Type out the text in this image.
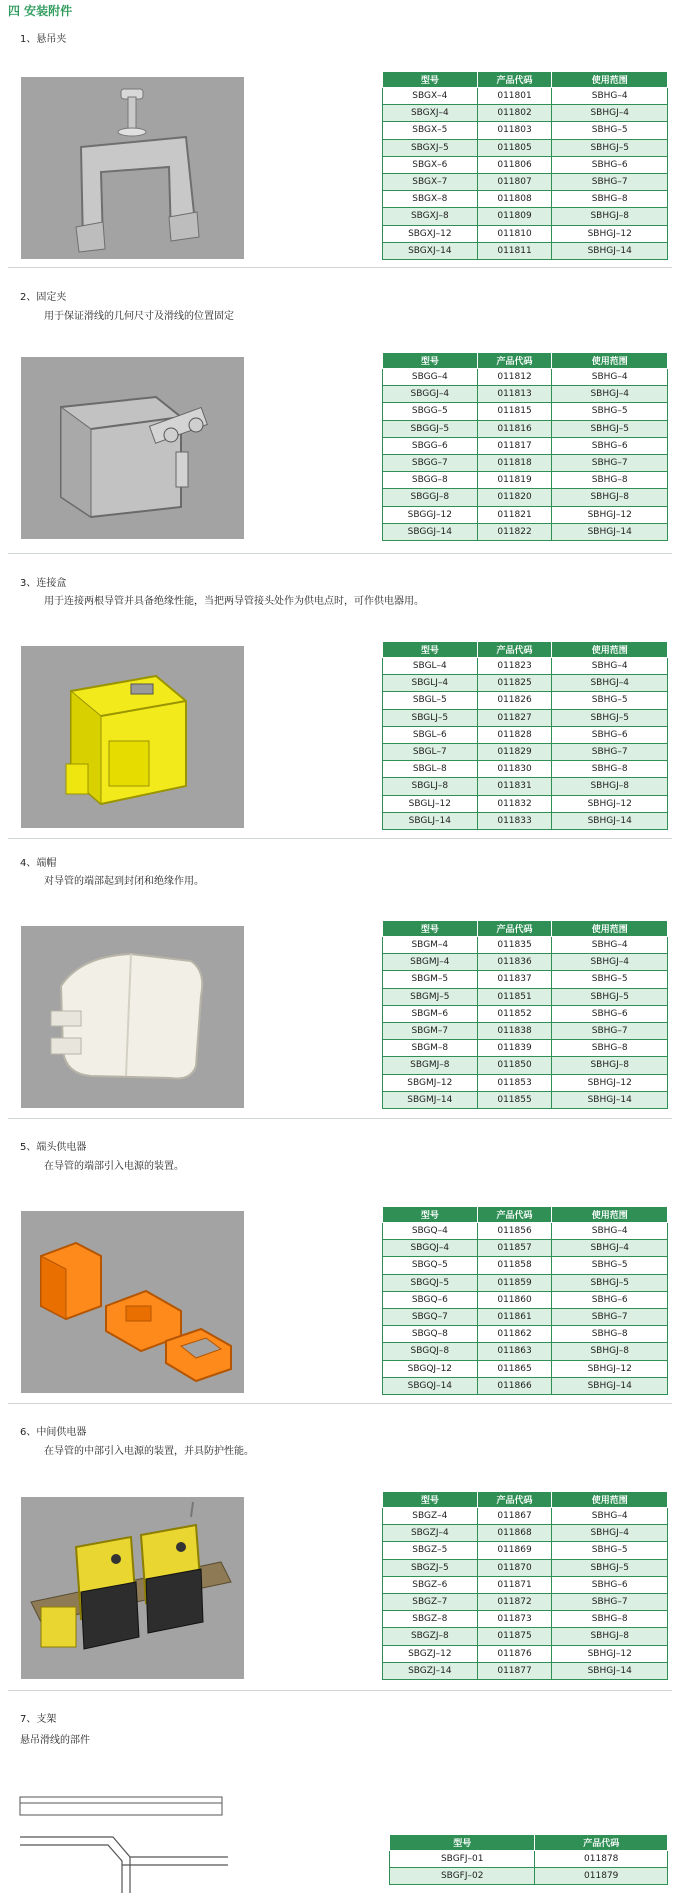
四 安装附件
1、悬吊夹
型号	产品代码	使用范围
SBGX–4	011801	SBHG–4
SBGXJ–4	011802	SBHGJ–4
SBGX–5	011803	SBHG–5
SBGXJ–5	011805	SBHGJ–5
SBGX–6	011806	SBHG–6
SBGX–7	011807	SBHG–7
SBGX–8	011808	SBHG–8
SBGXJ–8	011809	SBHGJ–8
SBGXJ–12	011810	SBHGJ–12
SBGXJ–14	011811	SBHGJ–14
2、固定夹
用于保证滑线的几何尺寸及滑线的位置固定
型号	产品代码	使用范围
SBGG–4	011812	SBHG–4
SBGGJ–4	011813	SBHGJ–4
SBGG–5	011815	SBHG–5
SBGGJ–5	011816	SBHGJ–5
SBGG–6	011817	SBHG–6
SBGG–7	011818	SBHG–7
SBGG–8	011819	SBHG–8
SBGGJ–8	011820	SBHGJ–8
SBGGJ–12	011821	SBHGJ–12
SBGGJ–14	011822	SBHGJ–14
3、连接盒
用于连接两根导管并具备绝缘性能，当把两导管接头处作为供电点时，可作供电器用。
型号	产品代码	使用范围
SBGL–4	011823	SBHG–4
SBGLJ–4	011825	SBHGJ–4
SBGL–5	011826	SBHG–5
SBGLJ–5	011827	SBHGJ–5
SBGL–6	011828	SBHG–6
SBGL–7	011829	SBHG–7
SBGL–8	011830	SBHG–8
SBGLJ–8	011831	SBHGJ–8
SBGLJ–12	011832	SBHGJ–12
SBGLJ–14	011833	SBHGJ–14
4、端帽
对导管的端部起到封闭和绝缘作用。
型号	产品代码	使用范围
SBGM–4	011835	SBHG–4
SBGMJ–4	011836	SBHGJ–4
SBGM–5	011837	SBHG–5
SBGMJ–5	011851	SBHGJ–5
SBGM–6	011852	SBHG–6
SBGM–7	011838	SBHG–7
SBGM–8	011839	SBHG–8
SBGMJ–8	011850	SBHGJ–8
SBGMJ–12	011853	SBHGJ–12
SBGMJ–14	011855	SBHGJ–14
5、端头供电器
在导管的端部引入电源的装置。
型号	产品代码	使用范围
SBGQ–4	011856	SBHG–4
SBGQJ–4	011857	SBHGJ–4
SBGQ–5	011858	SBHG–5
SBGQJ–5	011859	SBHGJ–5
SBGQ–6	011860	SBHG–6
SBGQ–7	011861	SBHG–7
SBGQ–8	011862	SBHG–8
SBGQJ–8	011863	SBHGJ–8
SBGQJ–12	011865	SBHGJ–12
SBGQJ–14	011866	SBHGJ–14
6、中间供电器
在导管的中部引入电源的装置，并具防护性能。
型号	产品代码	使用范围
SBGZ–4	011867	SBHG–4
SBGZJ–4	011868	SBHGJ–4
SBGZ–5	011869	SBHG–5
SBGZJ–5	011870	SBHGJ–5
SBGZ–6	011871	SBHG–6
SBGZ–7	011872	SBHG–7
SBGZ–8	011873	SBHG–8
SBGZJ–8	011875	SBHGJ–8
SBGZJ–12	011876	SBHGJ–12
SBGZJ–14	011877	SBHGJ–14
7、支架
悬吊滑线的部件
型号	产品代码
SBGFJ–01	011878
SBGFJ–02	011879
